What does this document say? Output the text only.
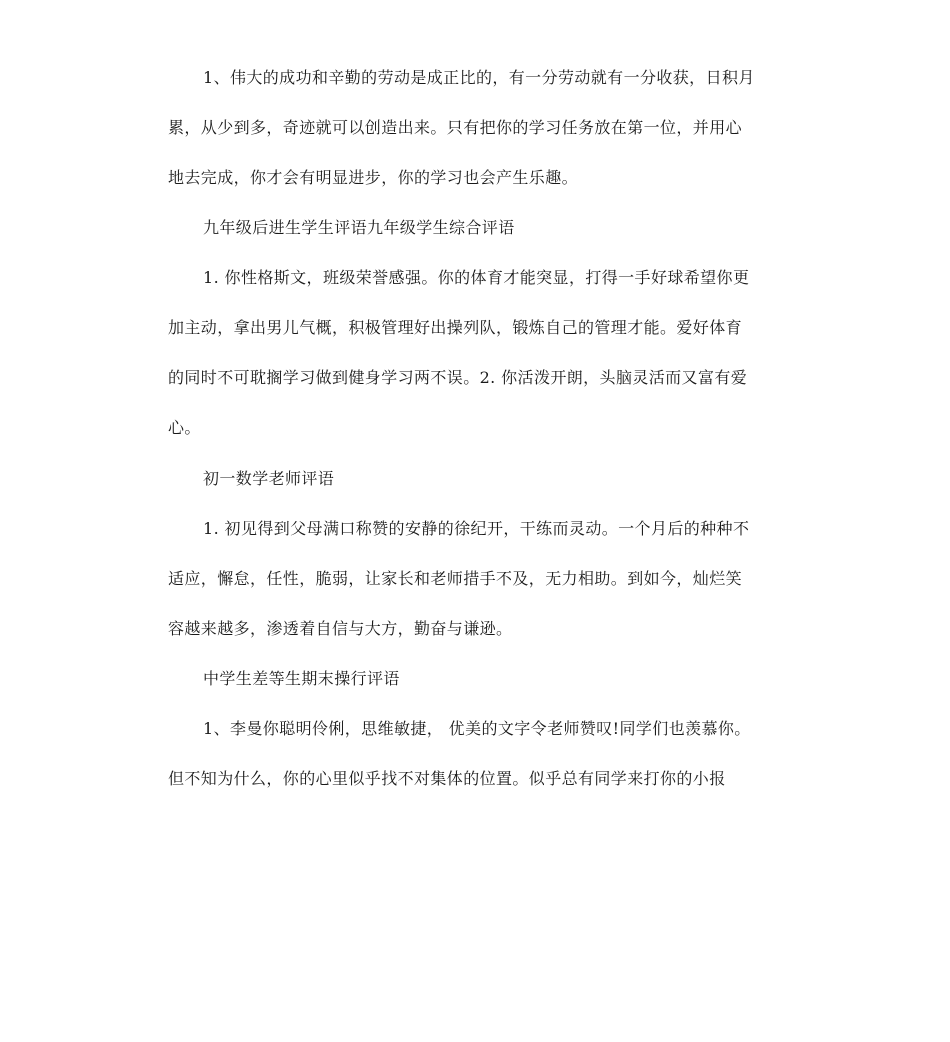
1、伟大的成功和辛勤的劳动是成正比的，有一分劳动就有一分收获，日积月
累，从少到多，奇迹就可以创造出来。只有把你的学习任务放在第一位，并用心
地去完成，你才会有明显进步，你的学习也会产生乐趣。
九年级后进生学生评语九年级学生综合评语
1. 你性格斯文，班级荣誉感强。你的体育才能突显，打得一手好球希望你更
加主动，拿出男儿气概，积极管理好出操列队，锻炼自己的管理才能。爱好体育
的同时不可耽搁学习做到健身学习两不误。2. 你活泼开朗，头脑灵活而又富有爱
心。
初一数学老师评语
1. 初见得到父母满口称赞的安静的徐纪开，干练而灵动。一个月后的种种不
适应，懈怠，任性，脆弱，让家长和老师措手不及，无力相助。到如今，灿烂笑
容越来越多，渗透着自信与大方，勤奋与谦逊。
中学生差等生期末操行评语
1、李曼你聪明伶俐，思维敏捷， 优美的文字令老师赞叹!同学们也羡慕你。
但不知为什么，你的心里似乎找不对集体的位置。似乎总有同学来打你的小报
